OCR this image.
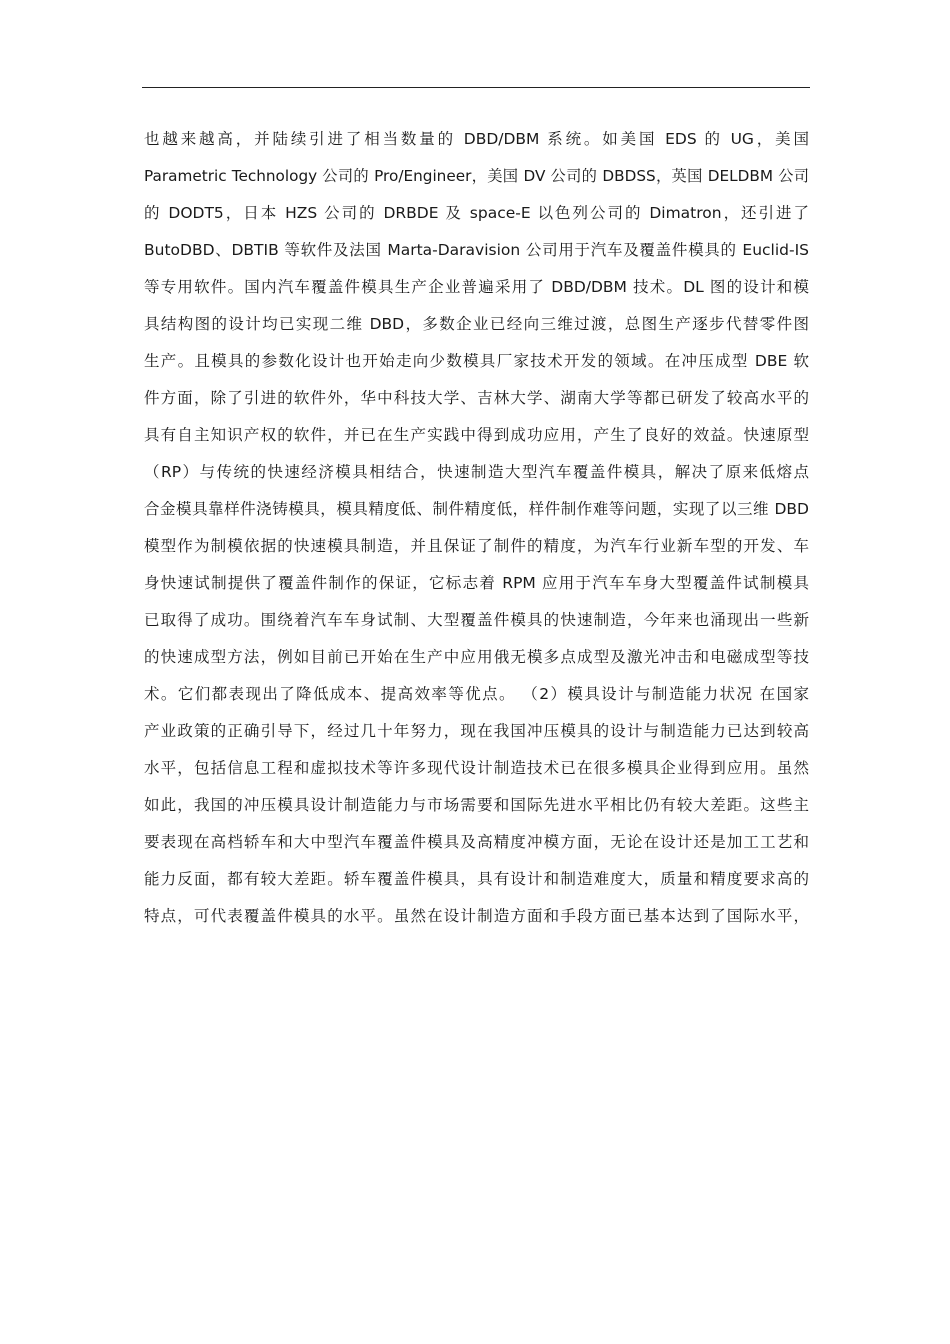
也越来越高，并陆续引进了相当数量的 DBD/DBM 系统。如美国 EDS 的 UG，美国
Parametric Technology 公司的 Pro/Engineer，美国 DV 公司的 DBDSS，英国 DELDBM 公司
的 DODT5，日本 HZS 公司的 DRBDE 及 space-E 以色列公司的 Dimatron，还引进了
ButoDBD、DBTIB 等软件及法国 Marta-Daravision 公司用于汽车及覆盖件模具的 Euclid-IS
等专用软件。国内汽车覆盖件模具生产企业普遍采用了 DBD/DBM 技术。DL 图的设计和模
具结构图的设计均已实现二维 DBD，多数企业已经向三维过渡，总图生产逐步代替零件图
生产。且模具的参数化设计也开始走向少数模具厂家技术开发的领域。在冲压成型 DBE 软
件方面，除了引进的软件外，华中科技大学、吉林大学、湖南大学等都已研发了较高水平的
具有自主知识产权的软件，并已在生产实践中得到成功应用，产生了良好的效益。快速原型
（RP）与传统的快速经济模具相结合，快速制造大型汽车覆盖件模具，解决了原来低熔点
合金模具靠样件浇铸模具，模具精度低、制件精度低，样件制作难等问题，实现了以三维 DBD
模型作为制模依据的快速模具制造，并且保证了制件的精度，为汽车行业新车型的开发、车
身快速试制提供了覆盖件制作的保证，它标志着 RPM 应用于汽车车身大型覆盖件试制模具
已取得了成功。围绕着汽车车身试制、大型覆盖件模具的快速制造，今年来也涌现出一些新
的快速成型方法，例如目前已开始在生产中应用俄无模多点成型及激光冲击和电磁成型等技
术。它们都表现出了降低成本、提高效率等优点。 （2）模具设计与制造能力状况 在国家
产业政策的正确引导下，经过几十年努力，现在我国冲压模具的设计与制造能力已达到较高
水平，包括信息工程和虚拟技术等许多现代设计制造技术已在很多模具企业得到应用。虽然
如此，我国的冲压模具设计制造能力与市场需要和国际先进水平相比仍有较大差距。这些主
要表现在高档轿车和大中型汽车覆盖件模具及高精度冲模方面，无论在设计还是加工工艺和
能力反面，都有较大差距。轿车覆盖件模具，具有设计和制造难度大，质量和精度要求高的
特点，可代表覆盖件模具的水平。虽然在设计制造方面和手段方面已基本达到了国际水平，
